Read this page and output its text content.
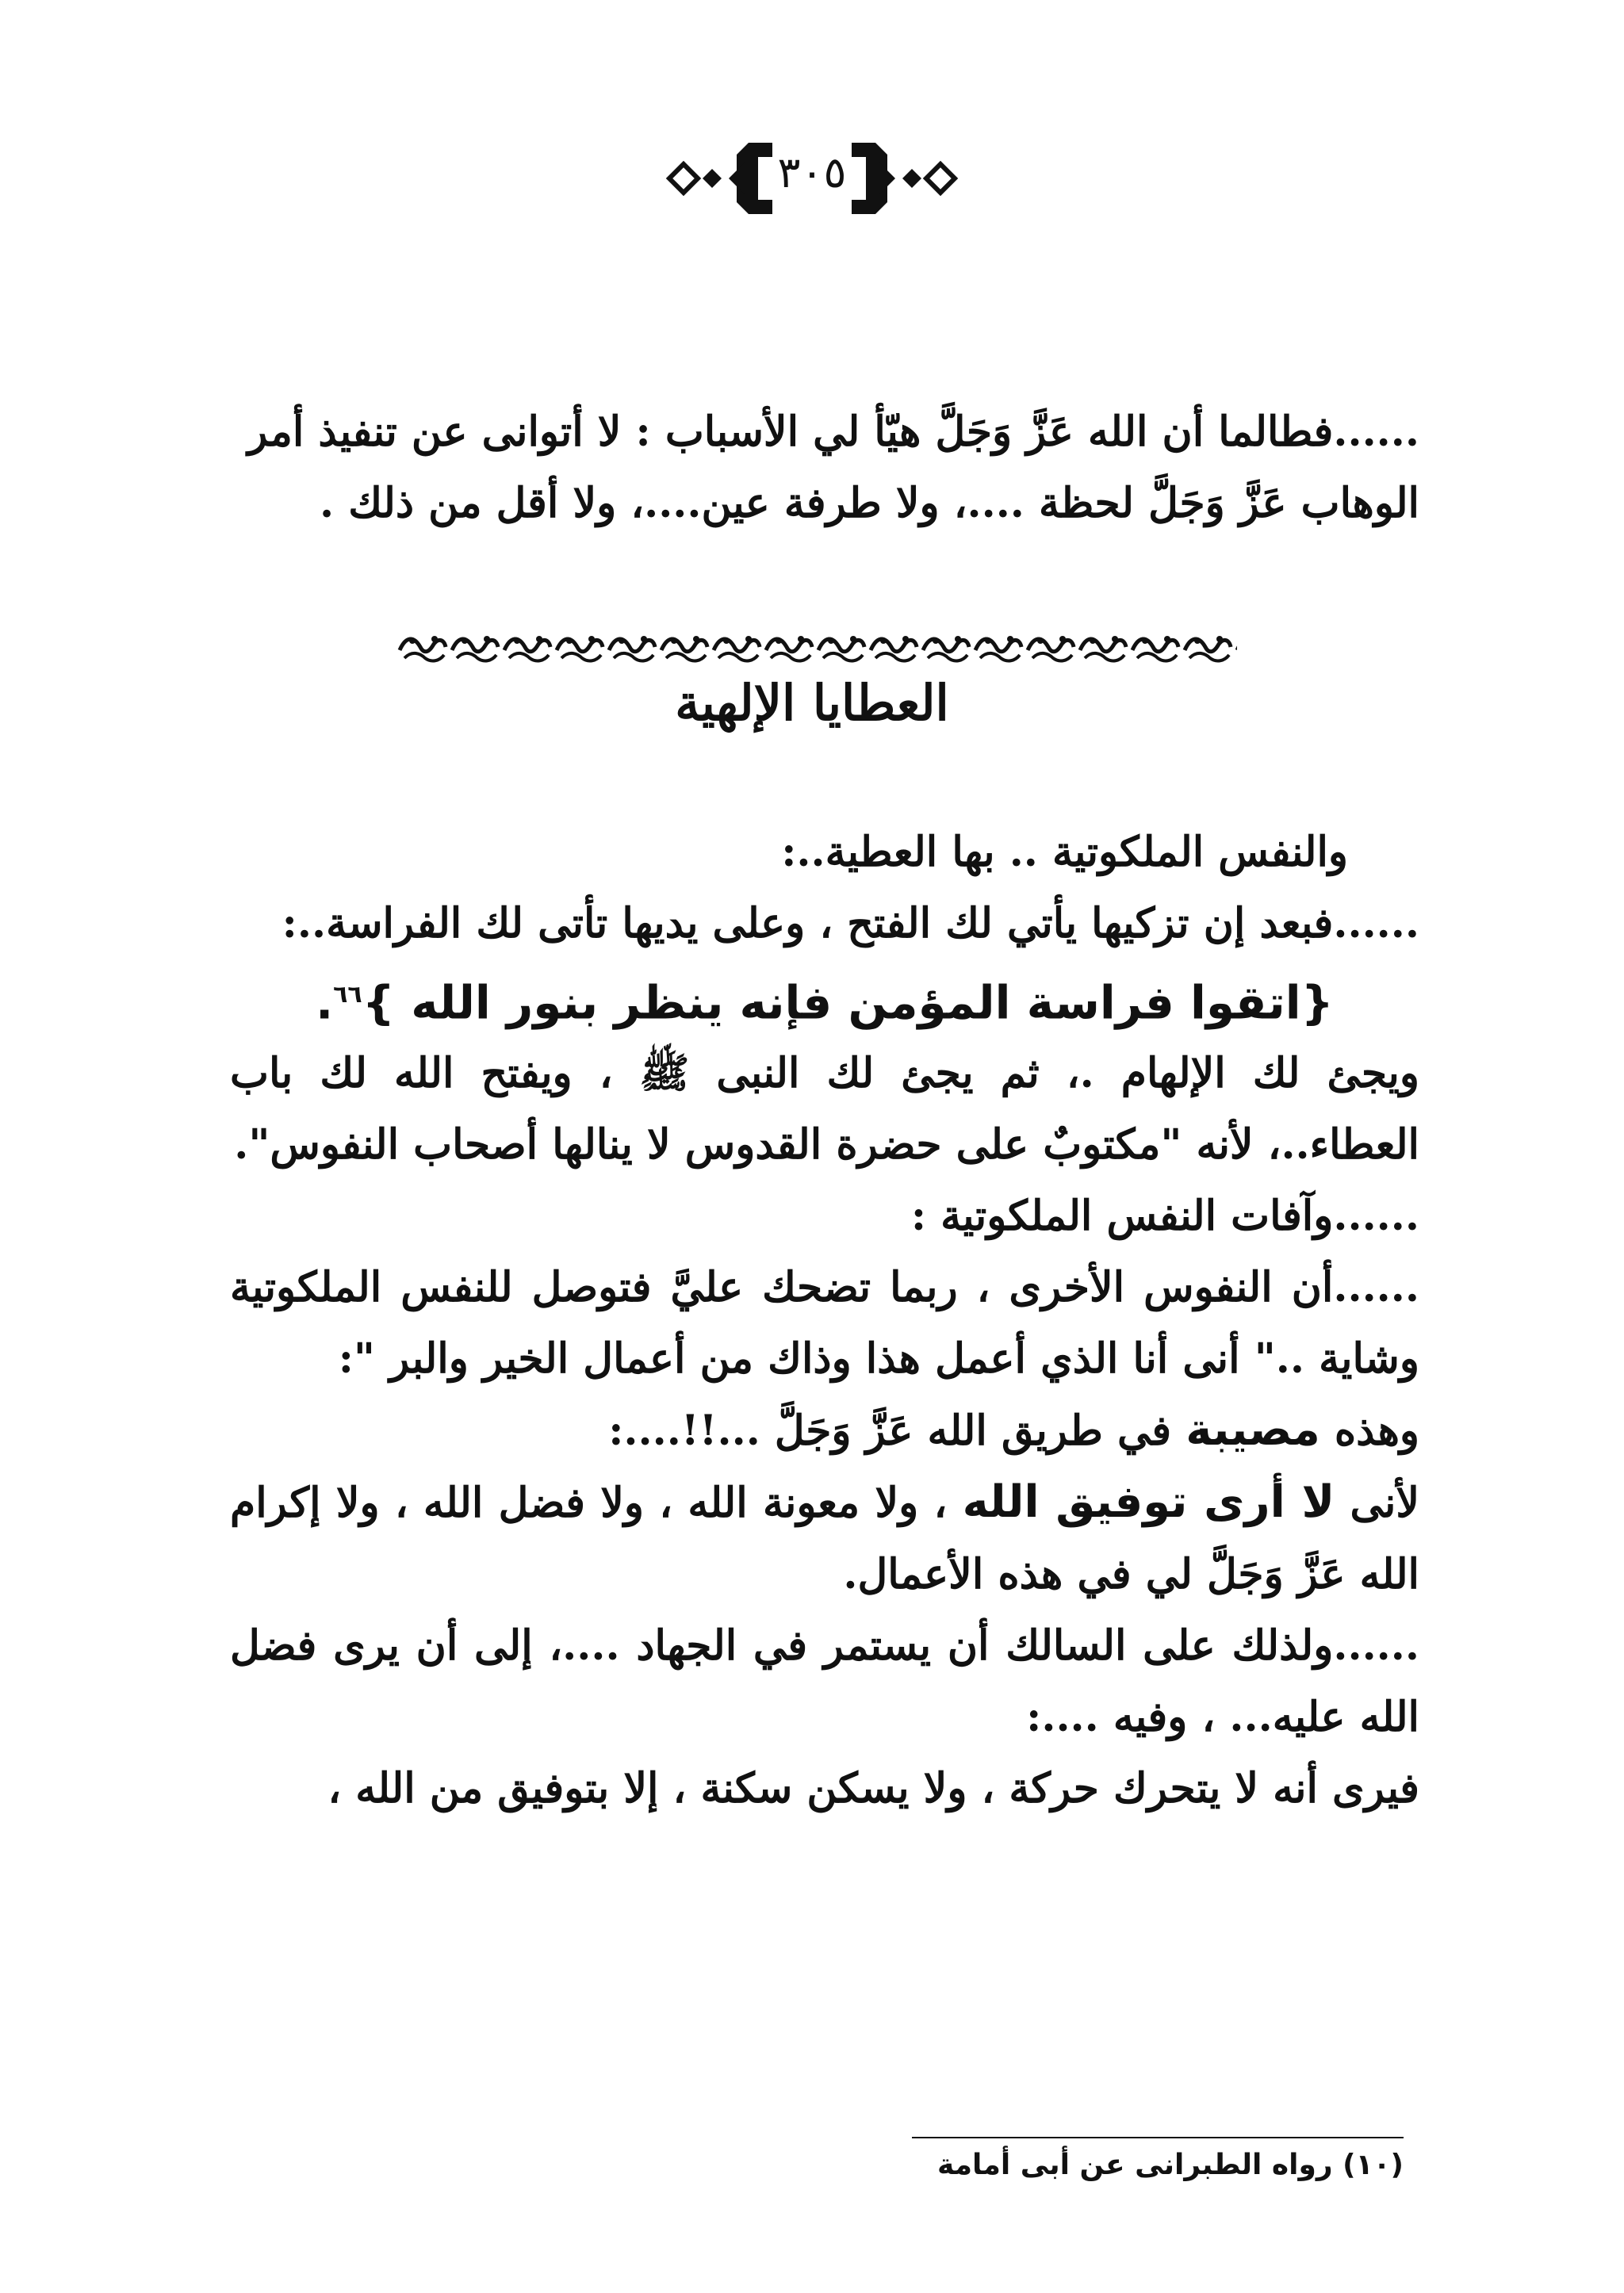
٣٠٥

......فطالما أن الله عَزَّ وَجَلَّ هيّأ لي الأسباب : لا أتوانى عن تنفيذ أمر

الوهاب عَزَّ وَجَلَّ لحظة ....، ولا طرفة عين....، ولا أقل من ذلك .

العطايا الإلهية

والنفس الملكوتية .. بها العطية..:

......فبعد إن تزكيها يأتي لك الفتح ، وعلى يديها تأتى لك الفراسة..:

{اتقوا فراسة المؤمن فإنه ينظر بنور الله }$^{٦٦}$.

ويجئ لك الإلهام .، ثم يجئ لك النبى ﷺ ، ويفتح الله لك باب العطاء..، لأنه "مكتوبٌ على حضرة القدوس لا ينالها أصحاب النفوس".

......وآفات النفس الملكوتية :

......أن النفوس الأخرى ، ربما تضحك عليَّ فتوصل للنفس الملكوتية وشاية .." أنى أنا الذي أعمل هذا وذاك من أعمال الخير والبر ":

وهذه مصيبة في طريق الله عَزَّ وَجَلَّ ...!!....:

لأنى لا أرى توفيق الله ، ولا معونة الله ، ولا فضل الله ، ولا إكرام الله عَزَّ وَجَلَّ لي في هذه الأعمال.

......ولذلك على السالك أن يستمر في الجهاد ....، إلى أن يرى فضل الله عليه... ، وفيه ....:

فيرى أنه لا يتحرك حركة ، ولا يسكن سكنة ، إلا بتوفيق من الله ،

(١٠) رواه الطبرانى عن أبى أمامة
